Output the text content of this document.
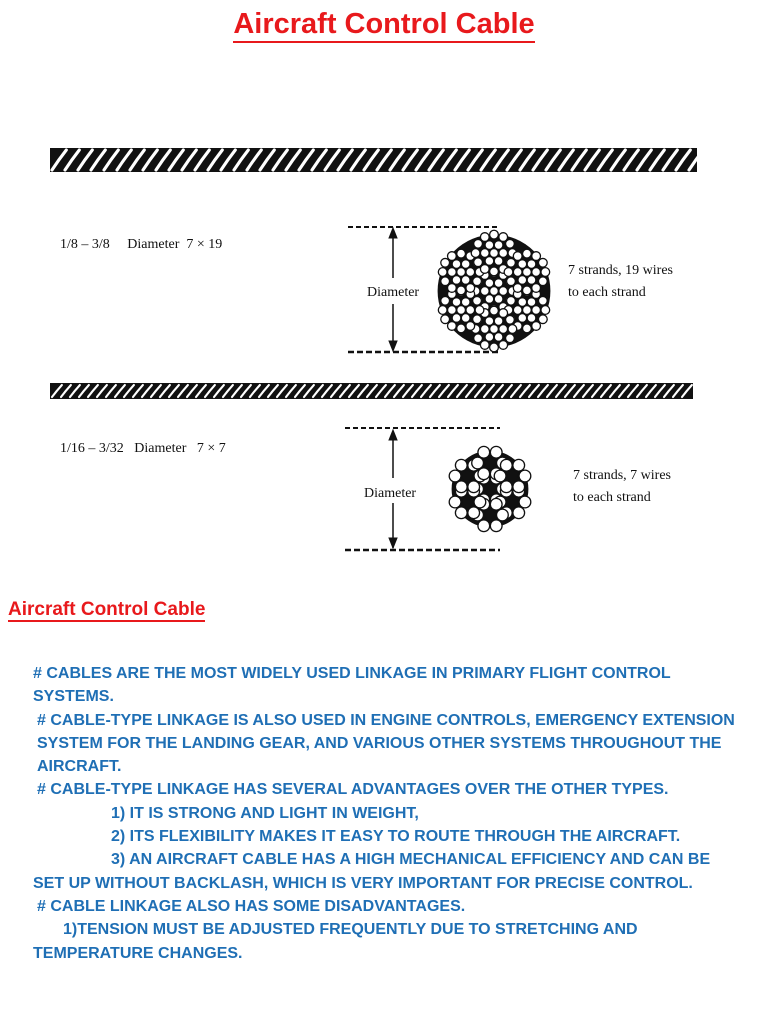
Aircraft Control Cable
1/8 – 3/8     Diameter  7 × 19
Diameter
7 strands, 19 wires
to each strand
1/16 – 3/32   Diameter   7 × 7
Diameter
7 strands, 7 wires
to each strand
Aircraft Control Cable

# CABLES ARE THE MOST WIDELY USED LINKAGE IN PRIMARY FLIGHT CONTROL SYSTEMS.

# CABLE-TYPE LINKAGE IS ALSO USED IN ENGINE CONTROLS, EMERGENCY EXTENSION SYSTEM FOR THE LANDING GEAR, AND VARIOUS OTHER SYSTEMS THROUGHOUT THE AIRCRAFT.

# CABLE-TYPE LINKAGE HAS SEVERAL ADVANTAGES OVER THE OTHER TYPES.

1) IT IS STRONG AND LIGHT IN WEIGHT,

2) ITS FLEXIBILITY MAKES IT EASY TO ROUTE THROUGH THE AIRCRAFT.

3) AN AIRCRAFT CABLE HAS A HIGH MECHANICAL EFFICIENCY AND CAN BE

SET UP WITHOUT BACKLASH, WHICH IS VERY IMPORTANT FOR PRECISE CONTROL.

# CABLE LINKAGE ALSO HAS SOME DISADVANTAGES.

1)TENSION MUST BE ADJUSTED FREQUENTLY DUE TO STRETCHING AND

TEMPERATURE CHANGES.
